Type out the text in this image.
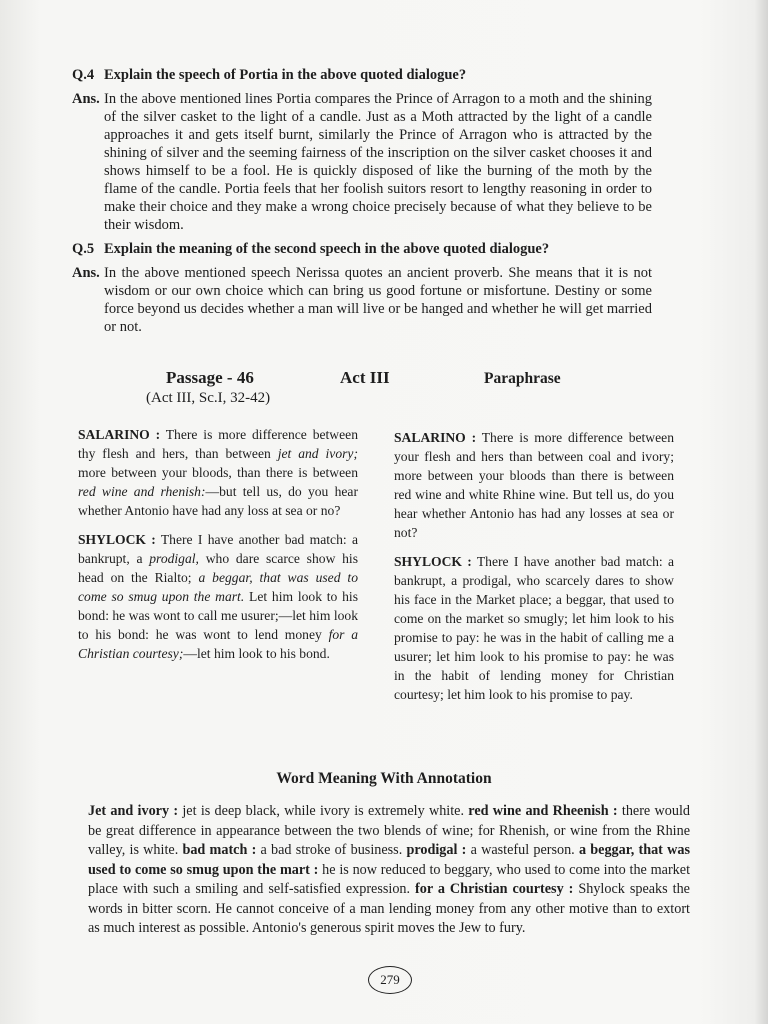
Q.4 Explain the speech of Portia in the above quoted dialogue?
Ans. In the above mentioned lines Portia compares the Prince of Arragon to a moth and the shining of the silver casket to the light of a candle. Just as a Moth attracted by the light of a candle approaches it and gets itself burnt, similarly the Prince of Arragon who is attracted by the shining of silver and the seeming fairness of the inscription on the silver casket chooses it and shows himself to be a fool. He is quickly disposed of like the burning of the moth by the flame of the candle. Portia feels that her foolish suitors resort to lengthy reasoning in order to make their choice and they make a wrong choice precisely because of what they believe to be their wisdom.
Q.5 Explain the meaning of the second speech in the above quoted dialogue?
Ans. In the above mentioned speech Nerissa quotes an ancient proverb. She means that it is not wisdom or our own choice which can bring us good fortune or misfortune. Destiny or some force beyond us decides whether a man will live or be hanged and whether he will get married or not.
Passage - 46
(Act III, Sc.I, 32-42)
Act III	Paraphrase

SALARINO : There is more difference between thy flesh and hers, than between jet and ivory; more between your bloods, than there is between red wine and rhenish:—but tell us, do you hear whether Antonio have had any loss at sea or no?

SHYLOCK : There I have another bad match: a bankrupt, a prodigal, who dare scarce show his head on the Rialto; a beggar, that was used to come so smug upon the mart. Let him look to his bond: he was wont to call me usurer;—let him look to his bond: he was wont to lend money for a Christian courtesy;—let him look to his bond.

SALARINO : There is more difference between your flesh and hers than between coal and ivory; more between your bloods than there is between red wine and white Rhine wine. But tell us, do you hear whether Antonio has had any losses at sea or not?

SHYLOCK : There I have another bad match: a bankrupt, a prodigal, who scarcely dares to show his face in the Market place; a beggar, that used to come on the market so smugly; let him look to his promise to pay: he was in the habit of calling me a usurer; let him look to his promise to pay: he was in the habit of lending money for Christian courtesy; let him look to his promise to pay.

Word Meaning With Annotation
Jet and ivory : jet is deep black, while ivory is extremely white. red wine and Rheenish : there would be great difference in appearance between the two blends of wine; for Rhenish, or wine from the Rhine valley, is white. bad match : a bad stroke of business. prodigal : a wasteful person. a beggar, that was used to come so smug upon the mart : he is now reduced to beggary, who used to come into the market place with such a smiling and self-satisfied expression. for a Christian courtesy : Shylock speaks the words in bitter scorn. He cannot conceive of a man lending money from any other motive than to extort as much interest as possible. Antonio's generous spirit moves the Jew to fury.
279
